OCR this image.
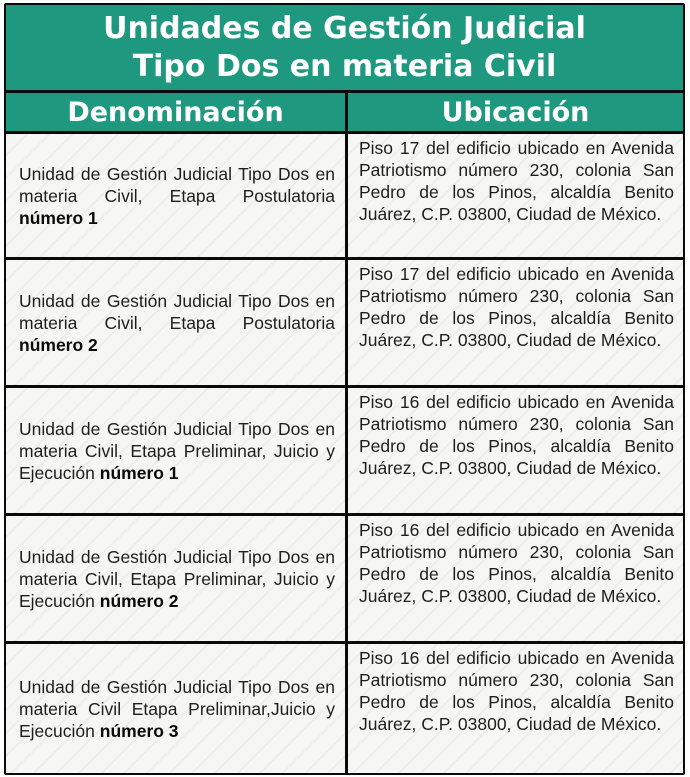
Unidades de Gestión Judicial
Tipo Dos en materia Civil
Denominación	Ubicación
Unidad de Gestión Judicial Tipo Dos en materia Civil, Etapa Postulatoria número 1
Piso 17 del edificio ubicado en Avenida Patriotismo número 230, colonia San Pedro de los Pinos, alcaldía Benito Juárez, C.P. 03800, Ciudad de México.
Unidad de Gestión Judicial Tipo Dos en materia Civil, Etapa Postulatoria número 2
Piso 17 del edificio ubicado en Avenida Patriotismo número 230, colonia San Pedro de los Pinos, alcaldía Benito Juárez, C.P. 03800, Ciudad de México.
Unidad de Gestión Judicial Tipo Dos en materia Civil, Etapa Preliminar, Juicio y Ejecución número 1
Piso 16 del edificio ubicado en Avenida Patriotismo número 230, colonia San Pedro de los Pinos, alcaldía Benito Juárez, C.P. 03800, Ciudad de México.
Unidad de Gestión Judicial Tipo Dos en materia Civil, Etapa Preliminar, Juicio y Ejecución número 2
Piso 16 del edificio ubicado en Avenida Patriotismo número 230, colonia San Pedro de los Pinos, alcaldía Benito Juárez, C.P. 03800, Ciudad de México.
Unidad de Gestión Judicial Tipo Dos en materia Civil Etapa Preliminar,Juicio y Ejecución número 3
Piso 16 del edificio ubicado en Avenida Patriotismo número 230, colonia San Pedro de los Pinos, alcaldía Benito Juárez, C.P. 03800, Ciudad de México.
